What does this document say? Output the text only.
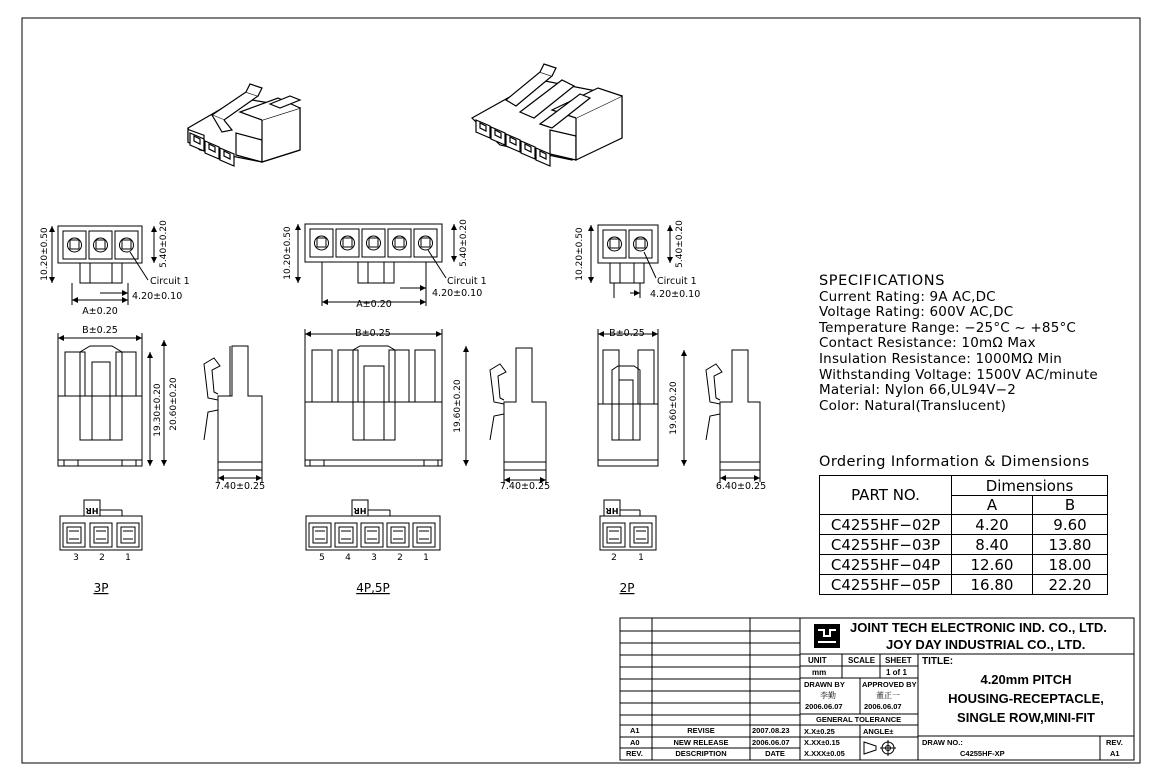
10.20±0.50	5.40±0.20
Circuit 1
4.20±0.10
A±0.20
10.20±0.50	5.40±0.20
Circuit 1
4.20±0.10
A±0.20
10.20±0.50	5.40±0.20
Circuit 1
4.20±0.10
B±0.25
19.30±0.20 20.60±0.20
7.40±0.25
B±0.25
19.60±0.20
7.40±0.25
B±0.25
19.60±0.20
6.40±0.25
HR
3 2 1
3P
HR
5 4 3 2 1
4P,5P
HR
2 1
2P
SPECIFICATIONS
Current Rating: 9A AC,DC
Voltage Rating: 600V AC,DC
Temperature Range: −25°C ~ +85°C
Contact Resistance: 10mΩ Max
Insulation Resistance: 1000MΩ Min
Withstanding Voltage: 1500V AC/minute
Material: Nylon 66,UL94V−2
Color: Natural(Translucent)
Ordering Information & Dimensions
PART NO.	Dimensions	
	A	B
C4255HF−02P	4.20	9.60
C4255HF−03P	8.40	13.80
C4255HF−04P	12.60	18.00
C4255HF−05P	16.80	22.20
JOINT TECH ELECTRONIC IND. CO., LTD.
JOY DAY INDUSTRIAL CO., LTD.
UNIT	SCALE SHEET
mm	1 of 1
TITLE:
4.20mm PITCH
HOUSING-RECEPTACLE,
SINGLE ROW,MINI-FIT
DRAWN BY
李勤
2006.06.07
APPROVED BY
董正一
2006.06.07
GENERAL TOLERANCE
X.X±0.25
X.XX±0.15
X.XXX±0.05
ANGLE±
DRAW NO.:
C4255HF-XP
REV.
A1
A1	REVISE	2007.08.23
A0	NEW RELEASE	2006.06.07
REV.	DESCRIPTION	DATE
